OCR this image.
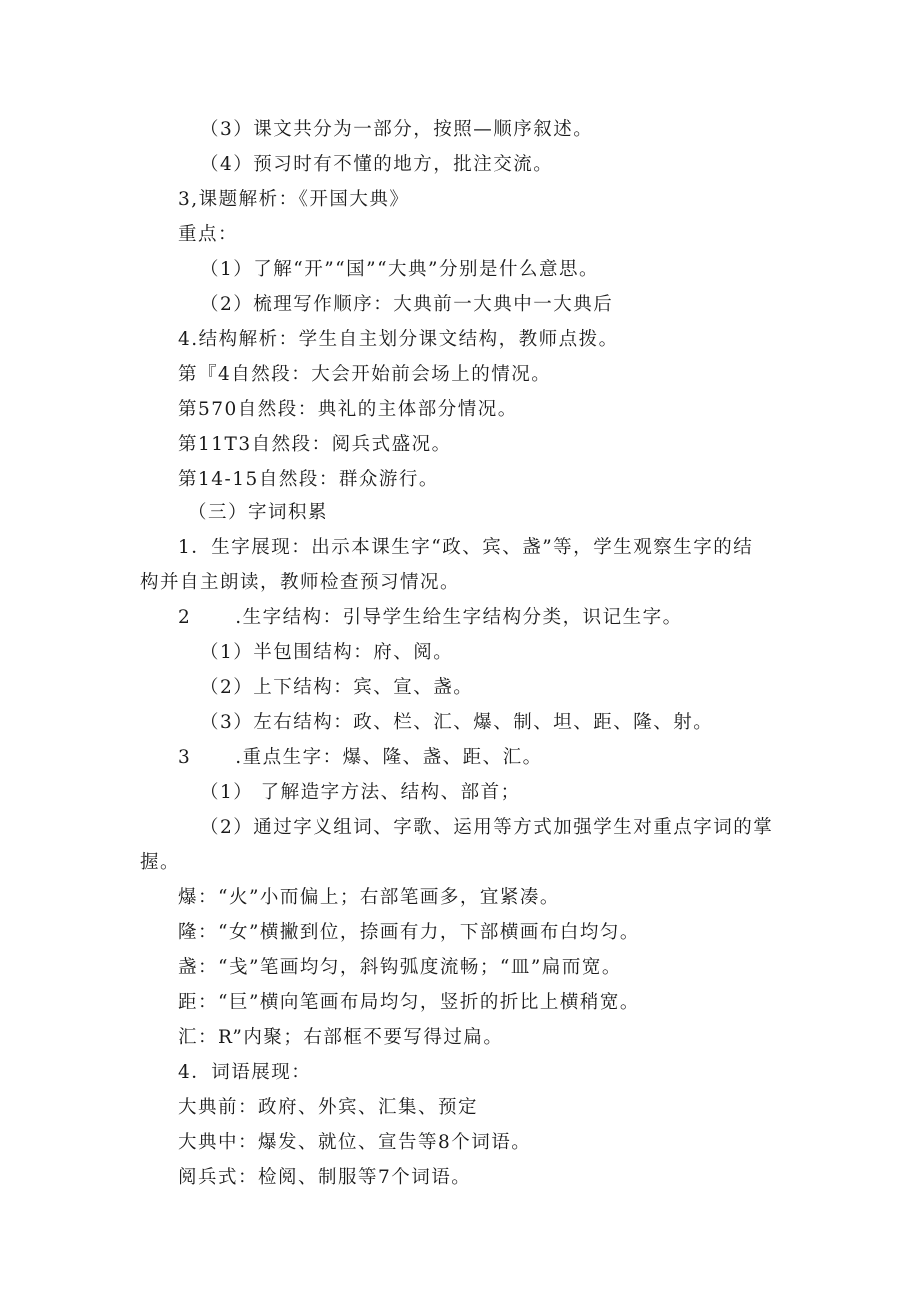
（3）课文共分为一部分，按照—顺序叙述。
（4）预习时有不懂的地方，批注交流。
3,课题解析：《开国大典》
重点：
（1）了解“开”“国”“大典”分别是什么意思。
（2）梳理写作顺序：大典前一大典中一大典后
4.结构解析：学生自主划分课文结构，教师点拨。
第『4自然段：大会开始前会场上的情况。
第570自然段：典礼的主体部分情况。
第11T3自然段：阅兵式盛况。
第14-15自然段：群众游行。
（三）字词积累
1．生字展现：出示本课生字“政、宾、盏”等，学生观察生字的结
构并自主朗读，教师检查预习情况。
2 .生字结构：引导学生给生字结构分类，识记生字。
（1）半包围结构：府、阅。
（2）上下结构：宾、宣、盏。
（3）左右结构：政、栏、汇、爆、制、坦、距、隆、射。
3 .重点生字：爆、隆、盏、距、汇。
（1） 了解造字方法、结构、部首；
（2）通过字义组词、字歌、运用等方式加强学生对重点字词的掌
握。
爆：“火”小而偏上；右部笔画多，宜紧凑。
隆：“女”横撇到位，捺画有力，下部横画布白均匀。
盏：“戋”笔画均匀，斜钩弧度流畅；“皿”扁而宽。
距：“巨”横向笔画布局均匀，竖折的折比上横稍宽。
汇：R”内聚；右部框不要写得过扁。
4．词语展现：
大典前：政府、外宾、汇集、预定
大典中：爆发、就位、宣告等8个词语。
阅兵式：检阅、制服等7个词语。
